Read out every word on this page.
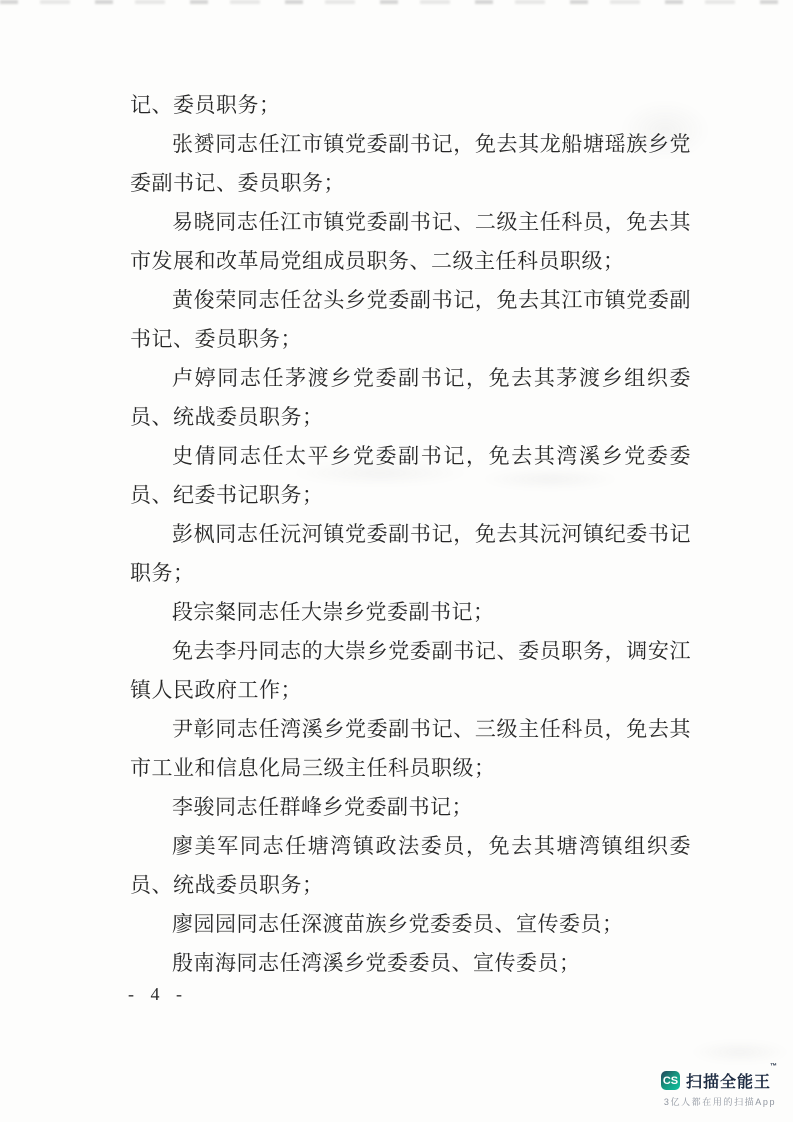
记、委员职务；

张赟同志任江市镇党委副书记，免去其龙船塘瑶族乡党委副书记、委员职务；

易晓同志任江市镇党委副书记、二级主任科员，免去其市发展和改革局党组成员职务、二级主任科员职级；

黄俊荣同志任岔头乡党委副书记，免去其江市镇党委副书记、委员职务；

卢婷同志任茅渡乡党委副书记，免去其茅渡乡组织委员、统战委员职务；

史倩同志任太平乡党委副书记，免去其湾溪乡党委委员、纪委书记职务；

彭枫同志任沅河镇党委副书记，免去其沅河镇纪委书记职务；

段宗粲同志任大崇乡党委副书记；

免去李丹同志的大崇乡党委副书记、委员职务，调安江镇人民政府工作；

尹彰同志任湾溪乡党委副书记、三级主任科员，免去其市工业和信息化局三级主任科员职级；

李骏同志任群峰乡党委副书记；

廖美军同志任塘湾镇政法委员，免去其塘湾镇组织委员、统战委员职务；

廖园园同志任深渡苗族乡党委委员、宣传委员；

殷南海同志任湾溪乡党委委员、宣传委员；

- 4 -
CS 扫描全能王™
3亿人都在用的扫描App
